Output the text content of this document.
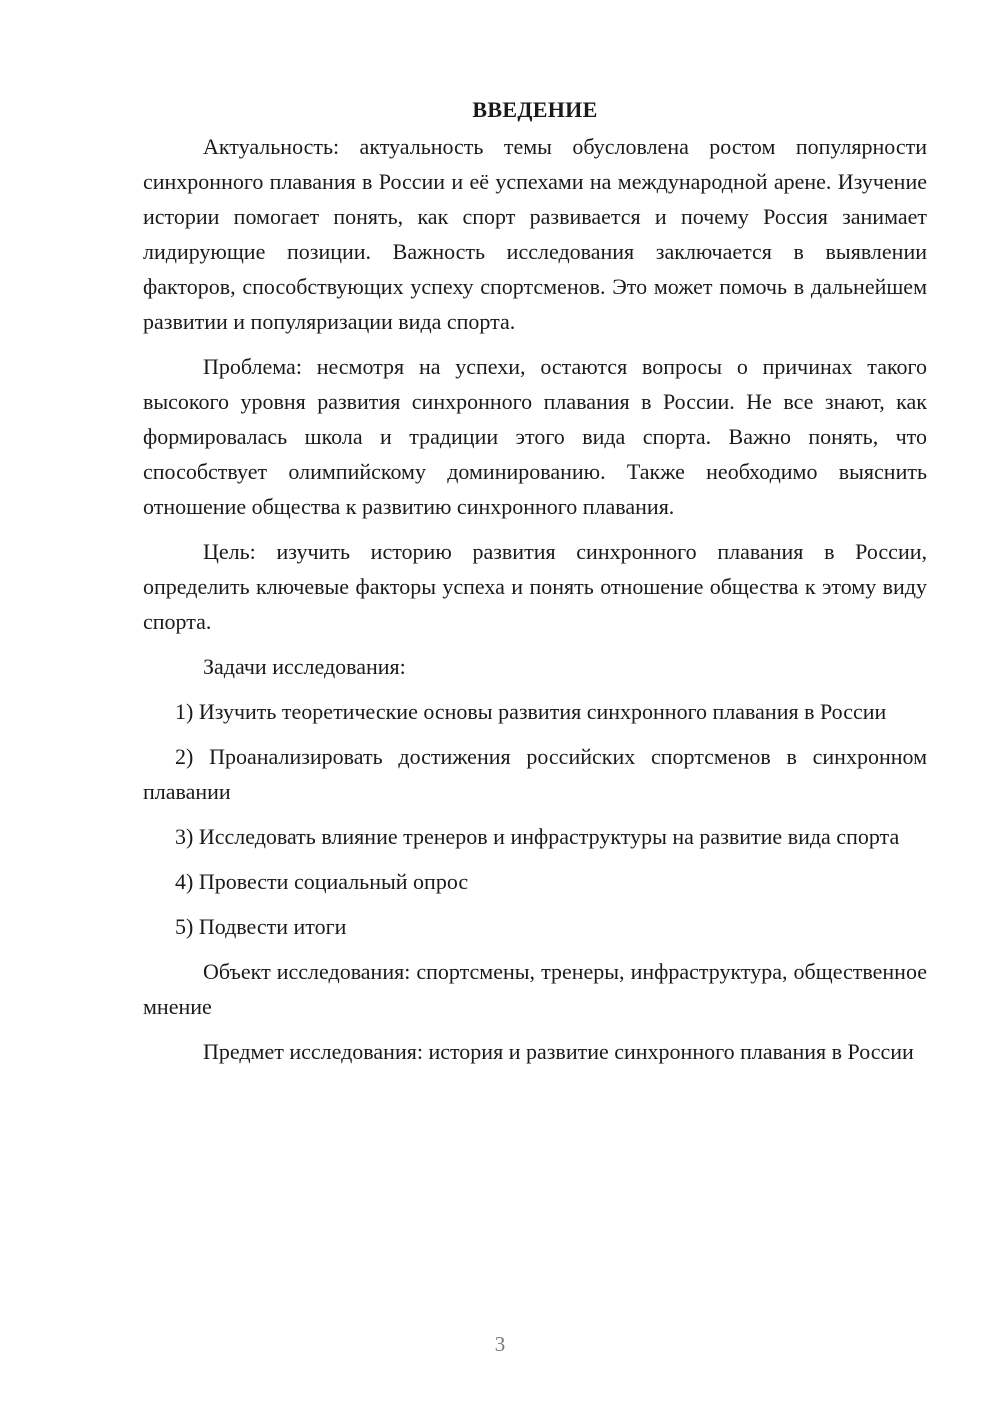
ВВЕДЕНИЕ

Актуальность: актуальность темы обусловлена ростом популярности синхронного плавания в России и её успехами на международной арене. Изучение истории помогает понять, как спорт развивается и почему Россия занимает лидирующие позиции. Важность исследования заключается в выявлении факторов, способствующих успеху спортсменов. Это может помочь в дальнейшем развитии и популяризации вида спорта.

Проблема: несмотря на успехи, остаются вопросы о причинах такого высокого уровня развития синхронного плавания в России. Не все знают, как формировалась школа и традиции этого вида спорта. Важно понять, что способствует олимпийскому доминированию. Также необходимо выяснить отношение общества к развитию синхронного плавания.

Цель: изучить историю развития синхронного плавания в России, определить ключевые факторы успеха и понять отношение общества к этому виду спорта.

Задачи исследования:

1) Изучить теоретические основы развития синхронного плавания в России

2) Проанализировать достижения российских спортсменов в синхронном плавании

3) Исследовать влияние тренеров и инфраструктуры на развитие вида спорта

4) Провести социальный опрос

5) Подвести итоги

Объект исследования: спортсмены, тренеры, инфраструктура, общественное мнение

Предмет исследования: история и развитие синхронного плавания в России

3
